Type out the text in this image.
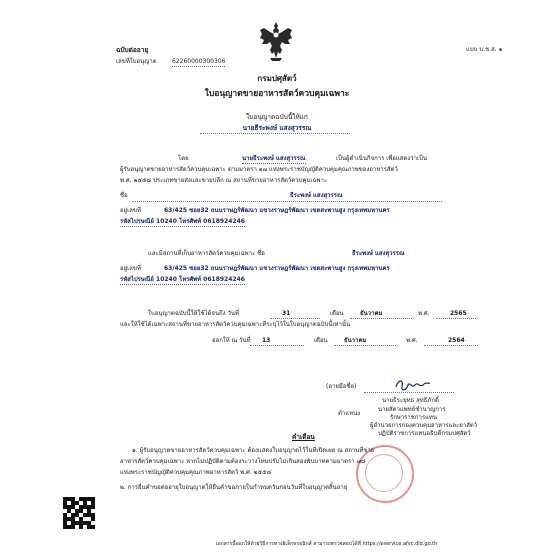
แบบ บ.ช.ส. ๑
ฉบับต่ออายุ
เลขที่ใบอนุญาต	62260000300306
กรมปศุสัตว์
ใบอนุญาตขายอาหารสัตว์ควบคุมเฉพาะ
ใบอนุญาตฉบับนี้ให้แก่
นายธีระพงษ์ แสงสุวรรณ
โดย	นายธีระพงษ์ แสงสุวรรณ	เป็นผู้ดำเนินกิจการ เพื่อแสดงว่าเป็น
ผู้รับอนุญาตขายอาหารสัตว์ควบคุมเฉพาะ ตามมาตรา ๑๗ แห่งพระราชบัญญัติควบคุมคุณภาพของอาหารสัตว์
พ.ศ. ๒๕๕๘ ประเภทขายส่งและขายปลีก ณ สถานที่ขายอาหารสัตว์ควบคุมเฉพาะ
ชื่อ	ธีระพงษ์ แสงสุวรรณ
อยู่เลขที่	63/425 ซอย32 ถนนราษฎร์พัฒนา แขวงราษฎร์พัฒนา เขตสะพานสูง กรุงเทพมหานคร
รหัสไปรษณีย์ 10240 โทรศัพท์ 0618924246
และมีสถานที่เก็บอาหารสัตว์ควบคุมเฉพาะ ชื่อ	ธีระพงษ์ แสงสุวรรณ
อยู่เลขที่	63/425 ซอย32 ถนนราษฎร์พัฒนา แขวงราษฎร์พัฒนา เขตสะพานสูง กรุงเทพมหานคร
รหัสไปรษณีย์ 10240 โทรศัพท์ 0618924246
ใบอนุญาตฉบับนี้ให้ใช้ได้จนถึง วันที่	31	เดือน	ธันวาคม	พ.ศ.	2565
และให้ใช้ได้เฉพาะสถานที่ขายอาหารสัตว์ควบคุมเฉพาะที่ระบุไว้ในใบอนุญาตฉบับนี้เท่านั้น
ออกให้ ณ วันที่ 13	เดือน	ธันวาคม	พ.ศ.	2564
(ลายมือชื่อ)
นายธีระยุทธ สุทธิภักดิ์
ตำแหน่ง
นายสัตวแพทย์ชำนาญการ
รักษาราชการแทน
ผู้อำนวยการกองควบคุมอาหารและยาสัตว์
ปฏิบัติราชการแทนอธิบดีกรมปศุสัตว์
คำเตือน
๑. ผู้รับอนุญาตขายอาหารสัตว์ควบคุมเฉพาะ ต้องแสดงใบอนุญาตไว้ในที่เปิดเผย ณ สถานที่ขาย
อาหารสัตว์ควบคุมเฉพาะ หากไม่ปฏิบัติตามต้องระวางโทษปรับไม่เกินสองพันบาทตามมาตรา ๗๘
แห่งพระราชบัญญัติควบคุมคุณภาพอาหารสัตว์ พ.ศ. ๒๕๕๘
๒. การยื่นคำขอต่ออายุใบอนุญาตให้ยื่นคำขอภายในกำหนดวันก่อนวันที่ใบอนุญาตสิ้นอายุ
เอกสารนี้ออกให้ด้วยวิธีการทางอิเล็กทรอนิกส์ สามารถตรวจสอบได้ที่ https://eservice.afvc.dld.go.th
